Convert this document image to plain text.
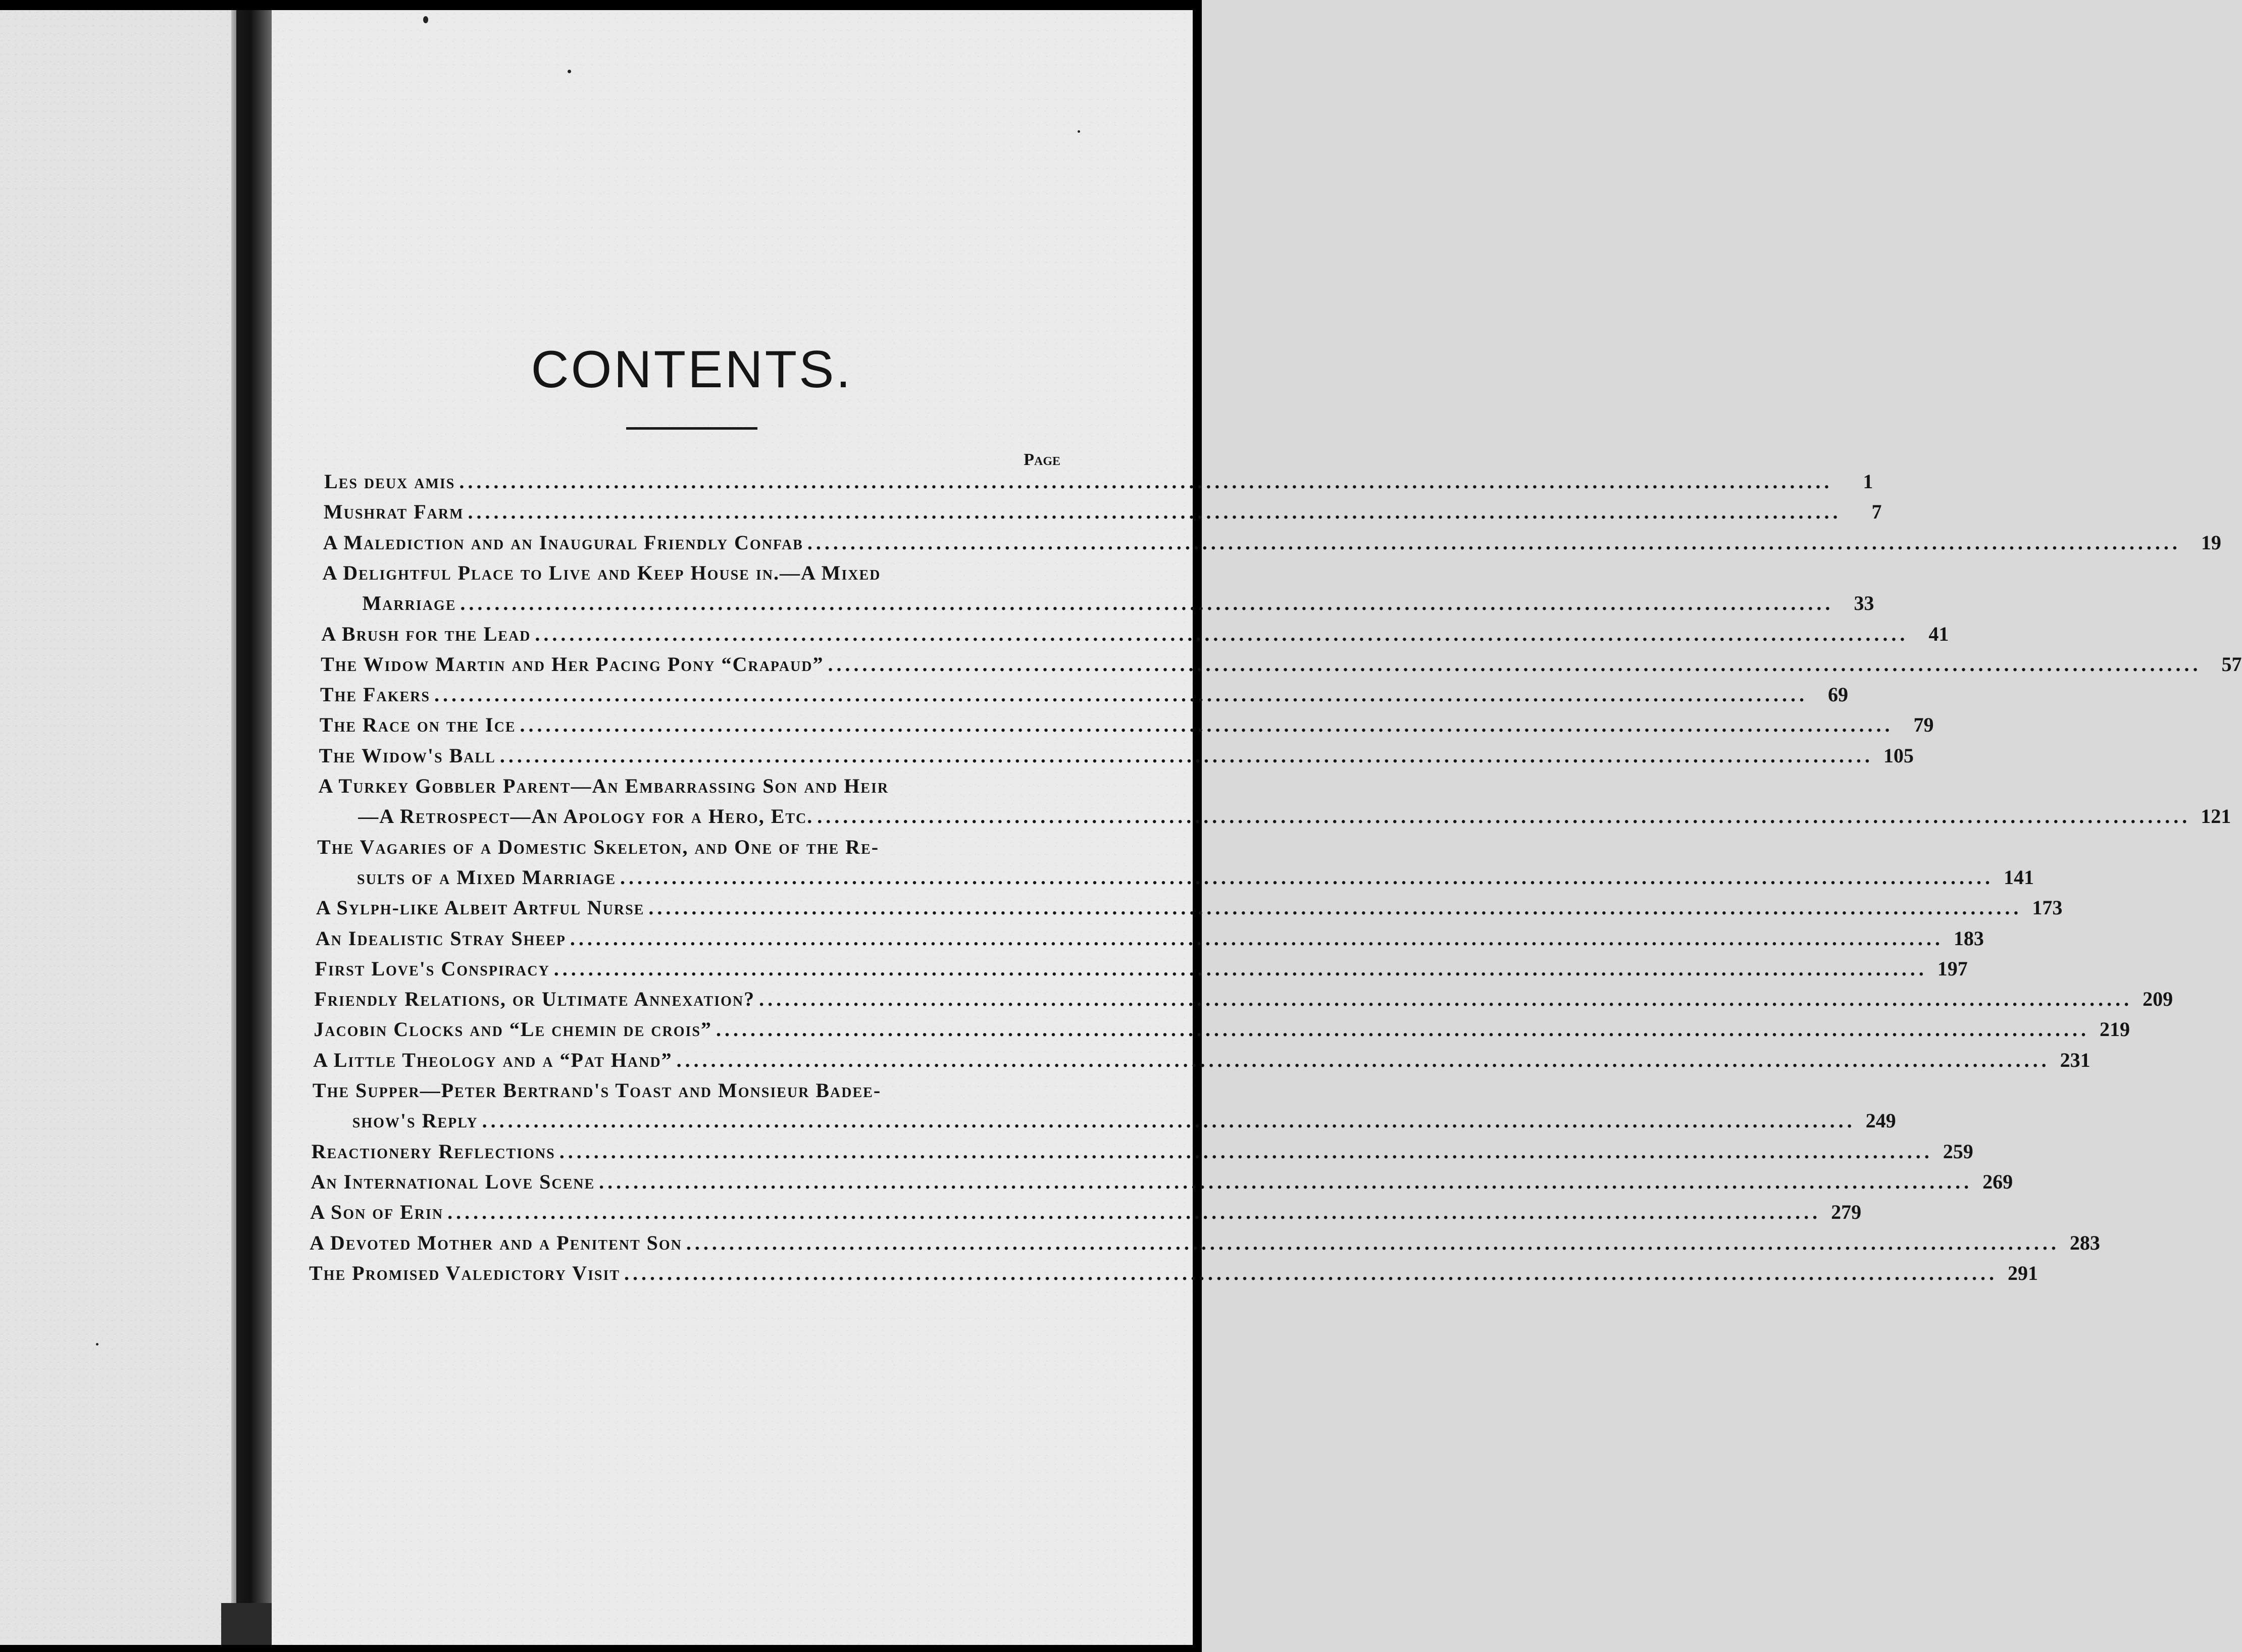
CONTENTS.
Page
Les deux amis ................................................................................................................................................................	1
Mushrat Farm ................................................................................................................................................................	7
A Malediction and an Inaugural Friendly Confab ................................................................................................................................................................	19
A Delightful Place to Live and Keep House in.—A Mixed
Marriage ................................................................................................................................................................	33
A Brush for the Lead ................................................................................................................................................................	41
The Widow Martin and Her Pacing Pony “Crapaud” ................................................................................................................................................................	57
The Fakers ................................................................................................................................................................	69
The Race on the Ice ................................................................................................................................................................	79
The Widow's Ball ................................................................................................................................................................ 105
A Turkey Gobbler Parent—An Embarrassing Son and Heir
—A Retrospect—An Apology for a Hero, Etc. ................................................................................................................................................................ 121
The Vagaries of a Domestic Skeleton, and One of the Re-
sults of a Mixed Marriage ................................................................................................................................................................ 141
A Sylph-like Albeit Artful Nurse ................................................................................................................................................................ 173
An Idealistic Stray Sheep ................................................................................................................................................................ 183
First Love's Conspiracy ................................................................................................................................................................ 197
Friendly Relations, or Ultimate Annexation? ................................................................................................................................................................ 209
Jacobin Clocks and “Le chemin de crois” ................................................................................................................................................................ 219
A Little Theology and a “Pat Hand” ................................................................................................................................................................ 231
The Supper—Peter Bertrand's Toast and Monsieur Badee-
show's Reply ................................................................................................................................................................ 249
Reactionery Reflections ................................................................................................................................................................ 259
An International Love Scene ................................................................................................................................................................ 269
A Son of Erin ................................................................................................................................................................ 279
A Devoted Mother and a Penitent Son ................................................................................................................................................................ 283
The Promised Valedictory Visit ................................................................................................................................................................ 291
